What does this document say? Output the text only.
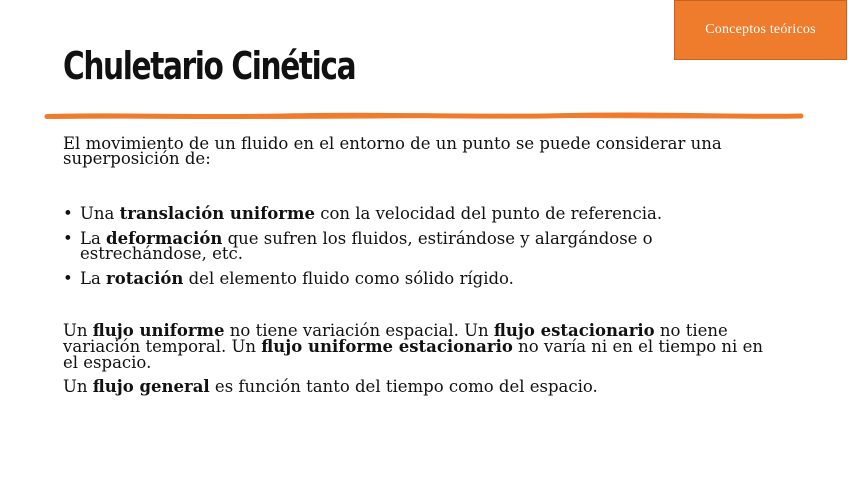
Conceptos teóricos
Chuletario Cinética

El movimiento de un fluido en el entorno de un punto se puede considerar una superposición de:

• Una translación uniforme con la velocidad del punto de referencia.
• La deformación que sufren los fluidos, estirándose y alargándose o estrechándose, etc.
• La rotación del elemento fluido como sólido rígido.

Un flujo uniforme no tiene variación espacial. Un flujo estacionario no tiene variación temporal. Un flujo uniforme estacionario no varía ni en el tiempo ni en el espacio.

Un flujo general es función tanto del tiempo como del espacio.
